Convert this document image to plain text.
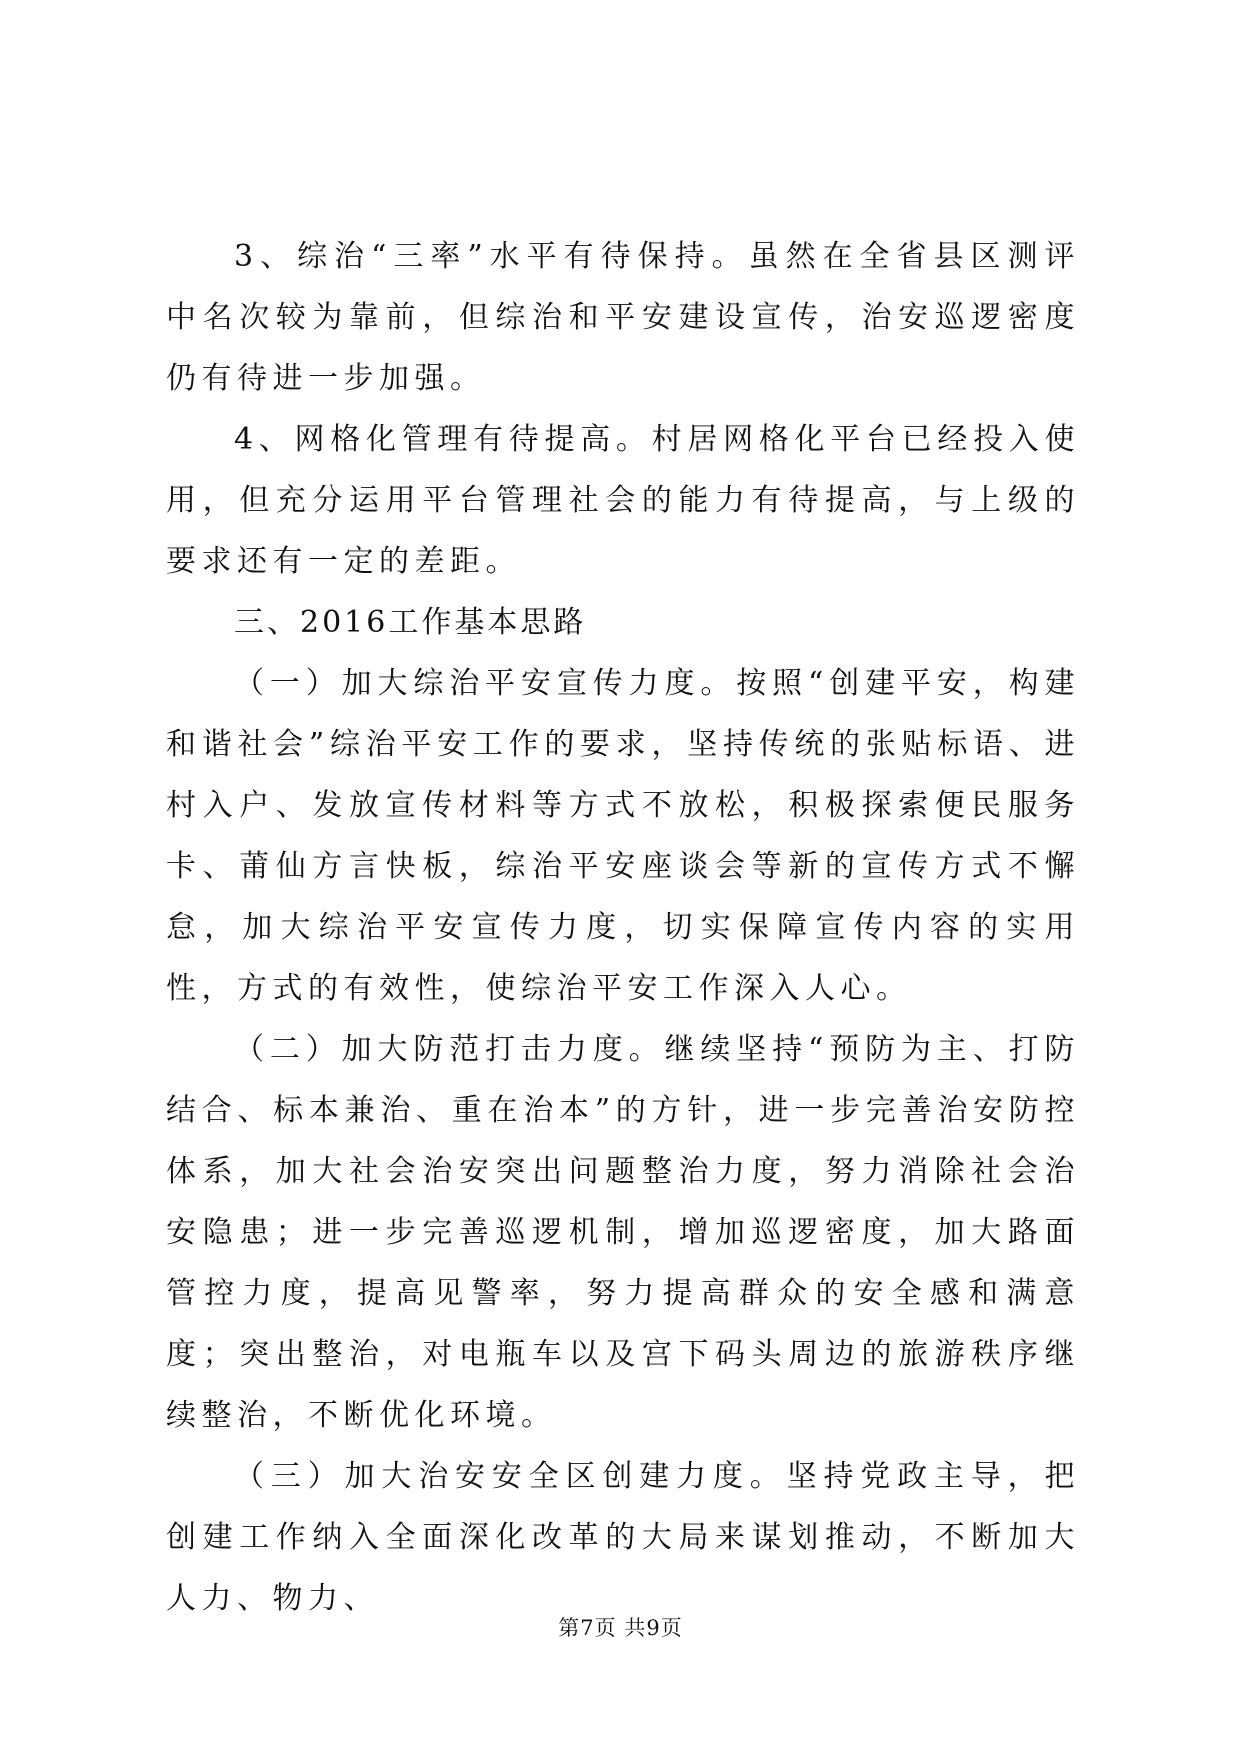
3、综治“三率”水平有待保持。虽然在全省县区测评中名次较为靠前，但综治和平安建设宣传，治安巡逻密度仍有待进一步加强。

4、网格化管理有待提高。村居网格化平台已经投入使用，但充分运用平台管理社会的能力有待提高，与上级的要求还有一定的差距。

三、2016工作基本思路

（一）加大综治平安宣传力度。按照“创建平安，构建和谐社会”综治平安工作的要求，坚持传统的张贴标语、进村入户、发放宣传材料等方式不放松，积极探索便民服务卡、莆仙方言快板，综治平安座谈会等新的宣传方式不懈怠，加大综治平安宣传力度，切实保障宣传内容的实用性，方式的有效性，使综治平安工作深入人心。

（二）加大防范打击力度。继续坚持“预防为主、打防结合、标本兼治、重在治本”的方针，进一步完善治安防控体系，加大社会治安突出问题整治力度，努力消除社会治安隐患；进一步完善巡逻机制，增加巡逻密度，加大路面管控力度，提高见警率，努力提高群众的安全感和满意度；突出整治，对电瓶车以及宫下码头周边的旅游秩序继续整治，不断优化环境。

（三）加大治安安全区创建力度。坚持党政主导，把创建工作纳入全面深化改革的大局来谋划推动，不断加大人力、物力、

第7页 共9页
